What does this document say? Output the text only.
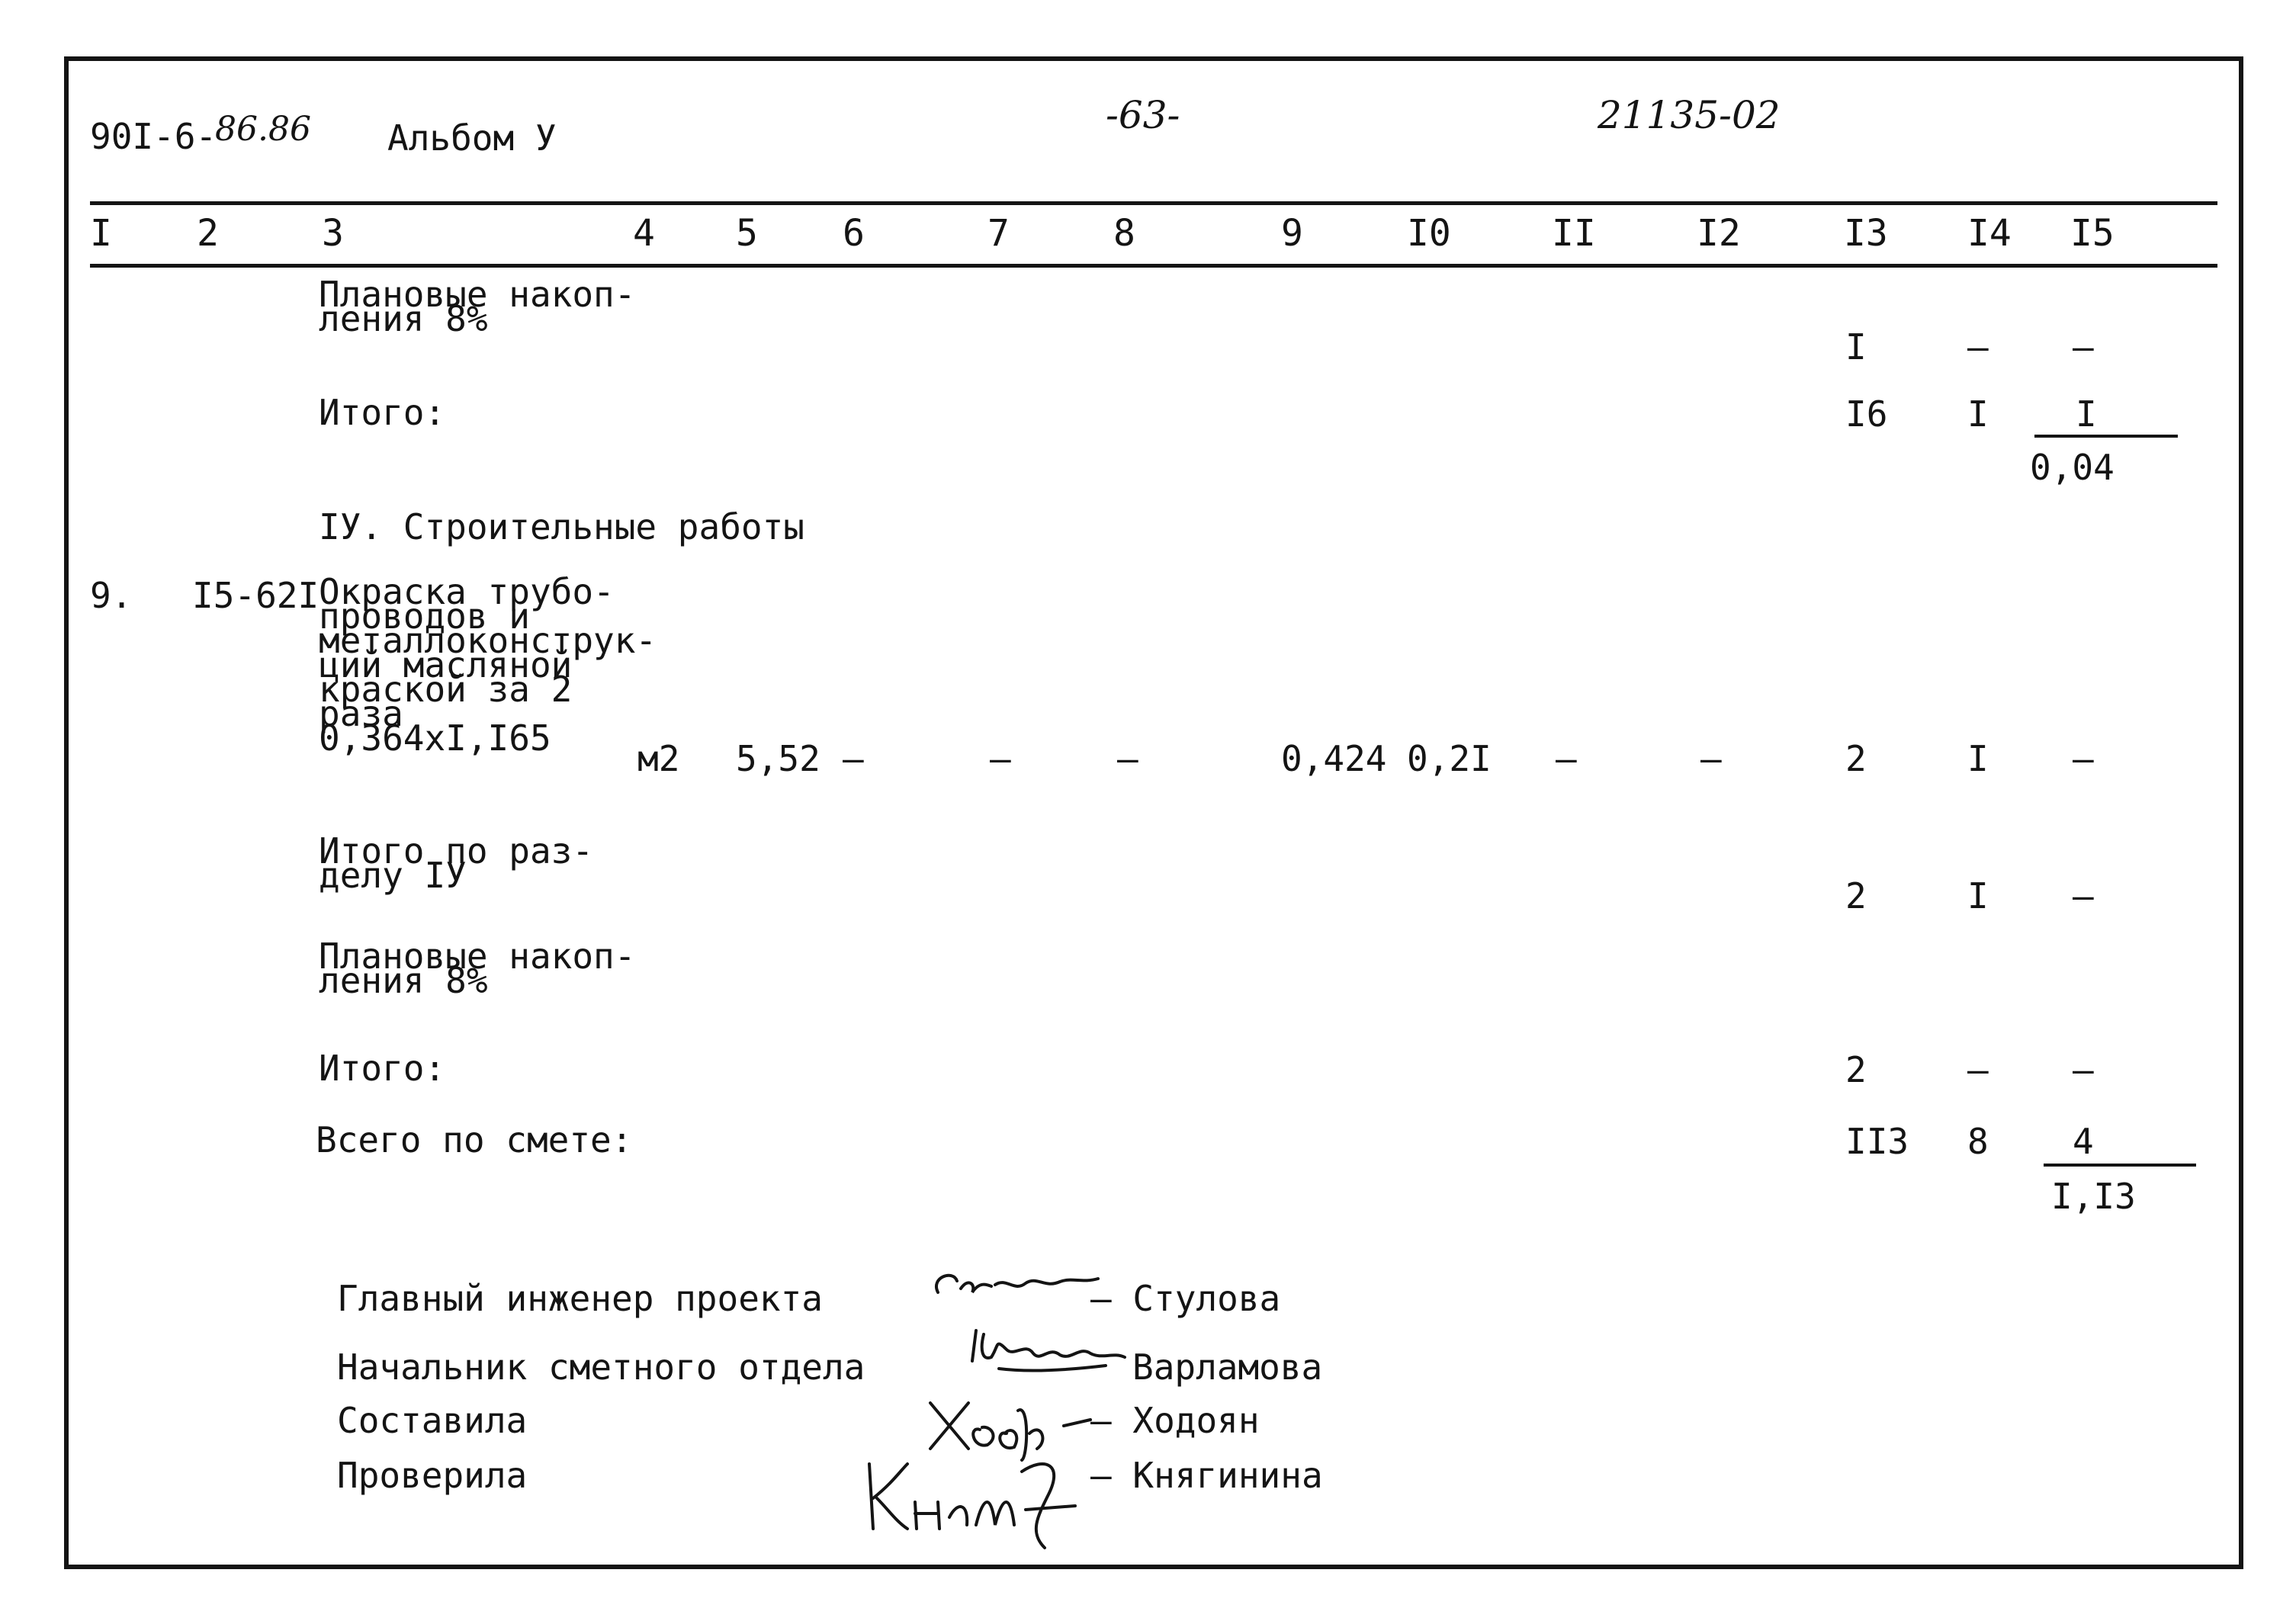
90I-6-
86.86 Альбом У
-63-	21135-02
I 2	3	4 5 6	7	8	9	I0	II	I2	I3 I4 I5
Плановые накоп-
ления 8%
I	– –
Итого:	I6 I I
0,04
IУ. Строительные работы
9. I5-62I Окраска трубо-
проводов и
металлоконструк-
ций масляной
краской за 2
раза
0,364xI,I65	м2 5,52 –	–	–	0,424 0,2I –	–	2	I –
Итого по раз-
делу IУ	2	I –
Плановые накоп-
ления 8%
Итого:	2	– –
Всего по смете:	II3 8 4
I,I3
Главный инженер проекта	– Стулова
Начальник сметного отдела	Варламова
Составила	– Ходоян
Проверила	– Княгинина
